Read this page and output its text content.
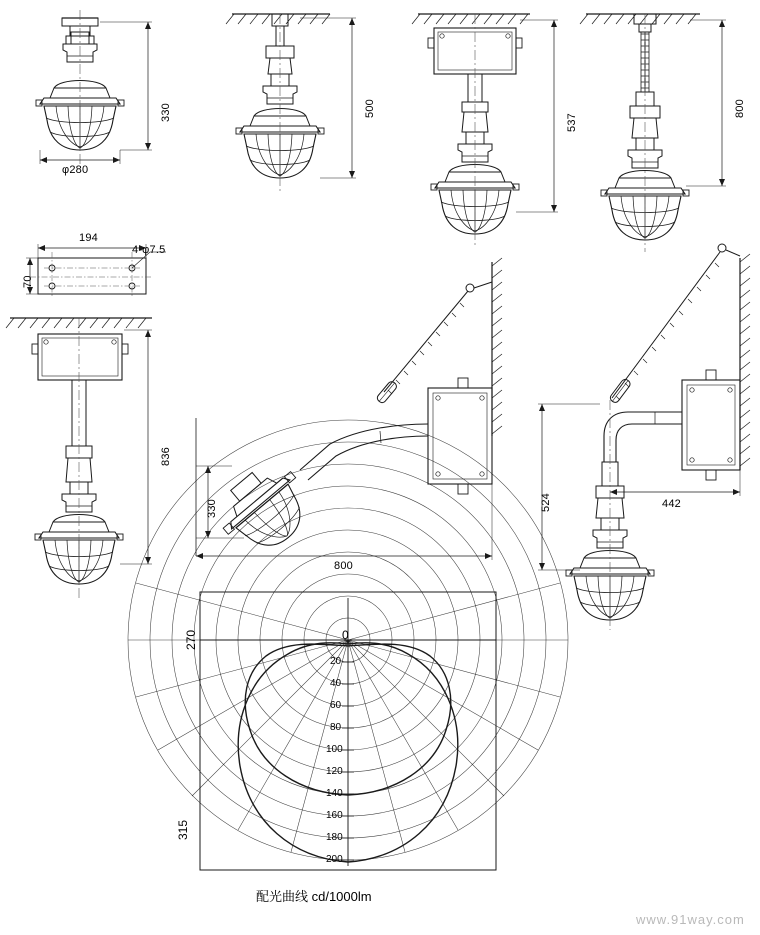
330
φ280
500
537
800
194
70
4-φ7.5
836
330
800
524	442
270
315
0
20
40
60
80
100
120
140
160
180
200
配光曲线 cd/1000lm
www.91way.com
